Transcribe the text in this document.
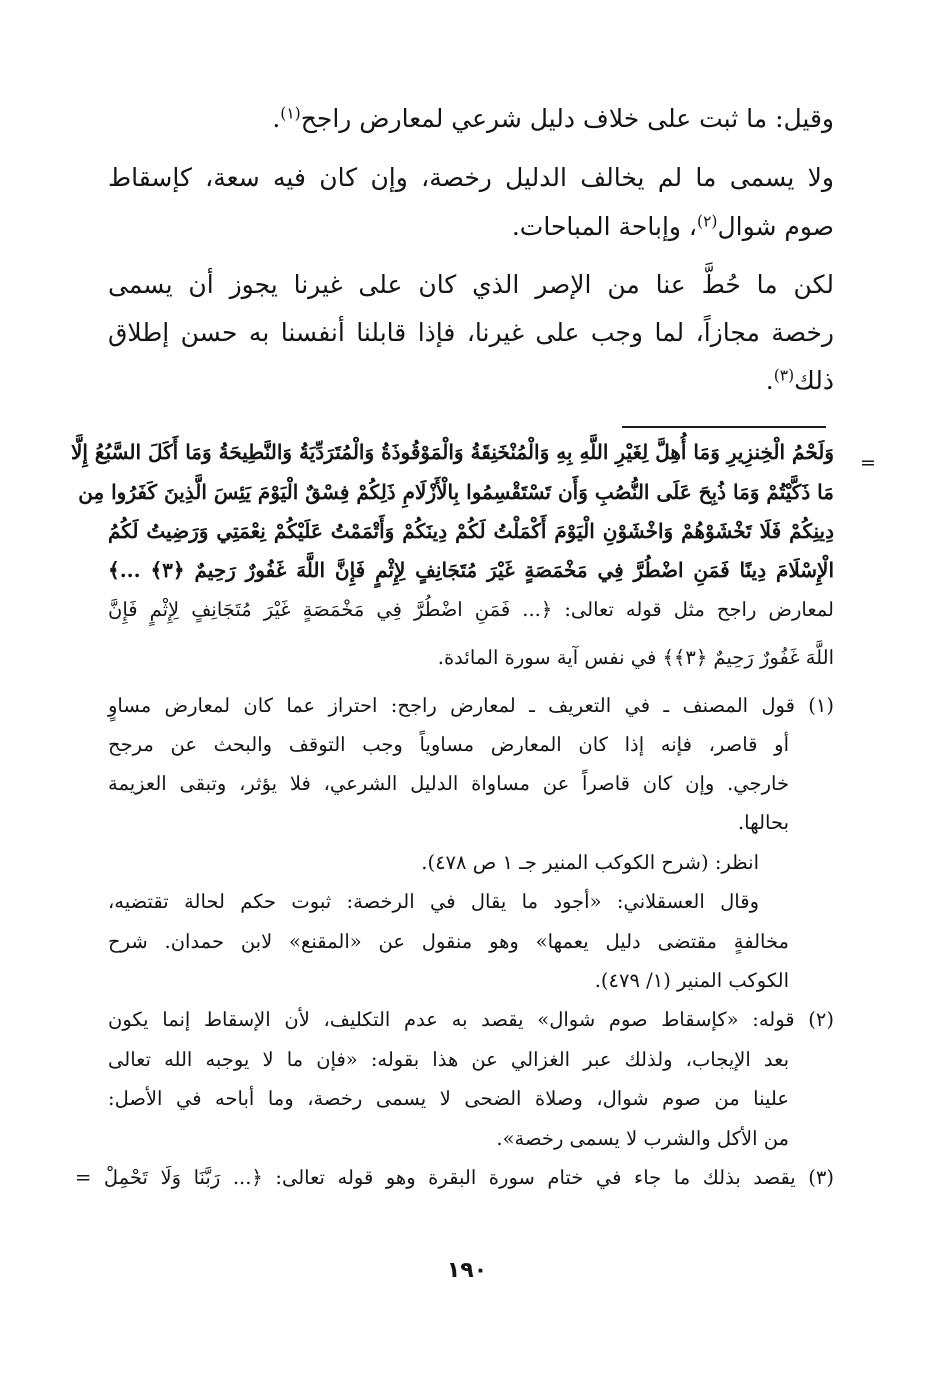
وقيل: ما ثبت على خلاف دليل شرعي لمعارض راجح$^{(١)}$.

ولا يسمى ما لم يخالف الدليل رخصة، وإن كان فيه سعة، كإسقاط

صوم شوال$^{(٢)}$، وإباحة المباحات.

لكن ما حُطَّ عنا من الإصر الذي كان على غيرنا يجوز أن يسمى

رخصة مجازاً، لما وجب على غيرنا، فإذا قابلنا أنفسنا به حسن إطلاق

ذلك$^{(٣)}$.

=

وَلَحْمُ الْخِنزِيرِ وَمَا أُهِلَّ لِغَيْرِ اللَّهِ بِهِ وَالْمُنْخَنِقَةُ وَالْمَوْقُوذَةُ وَالْمُتَرَدِّيَةُ وَالنَّطِيحَةُ وَمَا أَكَلَ السَّبُعُ إِلَّا

مَا ذَكَّيْتُمْ وَمَا ذُبِحَ عَلَى النُّصُبِ وَأَن تَسْتَقْسِمُوا بِالْأَزْلَامِ ذَلِكُمْ فِسْقٌ الْيَوْمَ يَئِسَ الَّذِينَ كَفَرُوا مِن

دِينِكُمْ فَلَا تَخْشَوْهُمْ وَاخْشَوْنِ الْيَوْمَ أَكْمَلْتُ لَكُمْ دِينَكُمْ وَأَتْمَمْتُ عَلَيْكُمْ نِعْمَتِي وَرَضِيتُ لَكُمُ

الْإِسْلَامَ دِينًا فَمَنِ اضْطُرَّ فِي مَخْمَصَةٍ غَيْرَ مُتَجَانِفٍ لِإِثْمٍ فَإِنَّ اللَّهَ غَفُورٌ رَحِيمٌ ﴿٣﴾ ...﴾

لمعارض راجح مثل قوله تعالى: ﴿... فَمَنِ اضْطُرَّ فِي مَخْمَصَةٍ غَيْرَ مُتَجَانِفٍ لِإِثْمٍ فَإِنَّ

اللَّهَ غَفُورٌ رَحِيمٌ ﴿٣﴾﴾ في نفس آية سورة المائدة.

(١) قول المصنف ـ في التعريف ـ لمعارض راجح: احتراز عما كان لمعارض مساوٍ

أو قاصر، فإنه إذا كان المعارض مساوياً وجب التوقف والبحث عن مرجح

خارجي. وإن كان قاصراً عن مساواة الدليل الشرعي، فلا يؤثر، وتبقى العزيمة

بحالها.

انظر: (شرح الكوكب المنير جـ ١ ص ٤٧٨).

وقال العسقلاني: «أجود ما يقال في الرخصة: ثبوت حكم لحالة تقتضيه،

مخالفةٍ مقتضى دليل يعمها» وهو منقول عن «المقنع» لابن حمدان. شرح

الكوكب المنير (١/ ٤٧٩).

(٢) قوله: «كإسقاط صوم شوال» يقصد به عدم التكليف، لأن الإسقاط إنما يكون

بعد الإيجاب، ولذلك عبر الغزالي عن هذا بقوله: «فإن ما لا يوجبه الله تعالى

علينا من صوم شوال، وصلاة الضحى لا يسمى رخصة، وما أباحه في الأصل:

من الأكل والشرب لا يسمى رخصة».

(٣) يقصد بذلك ما جاء في ختام سورة البقرة وهو قوله تعالى: ﴿... رَبَّنَا وَلَا تَحْمِلْ =

١٩٠
